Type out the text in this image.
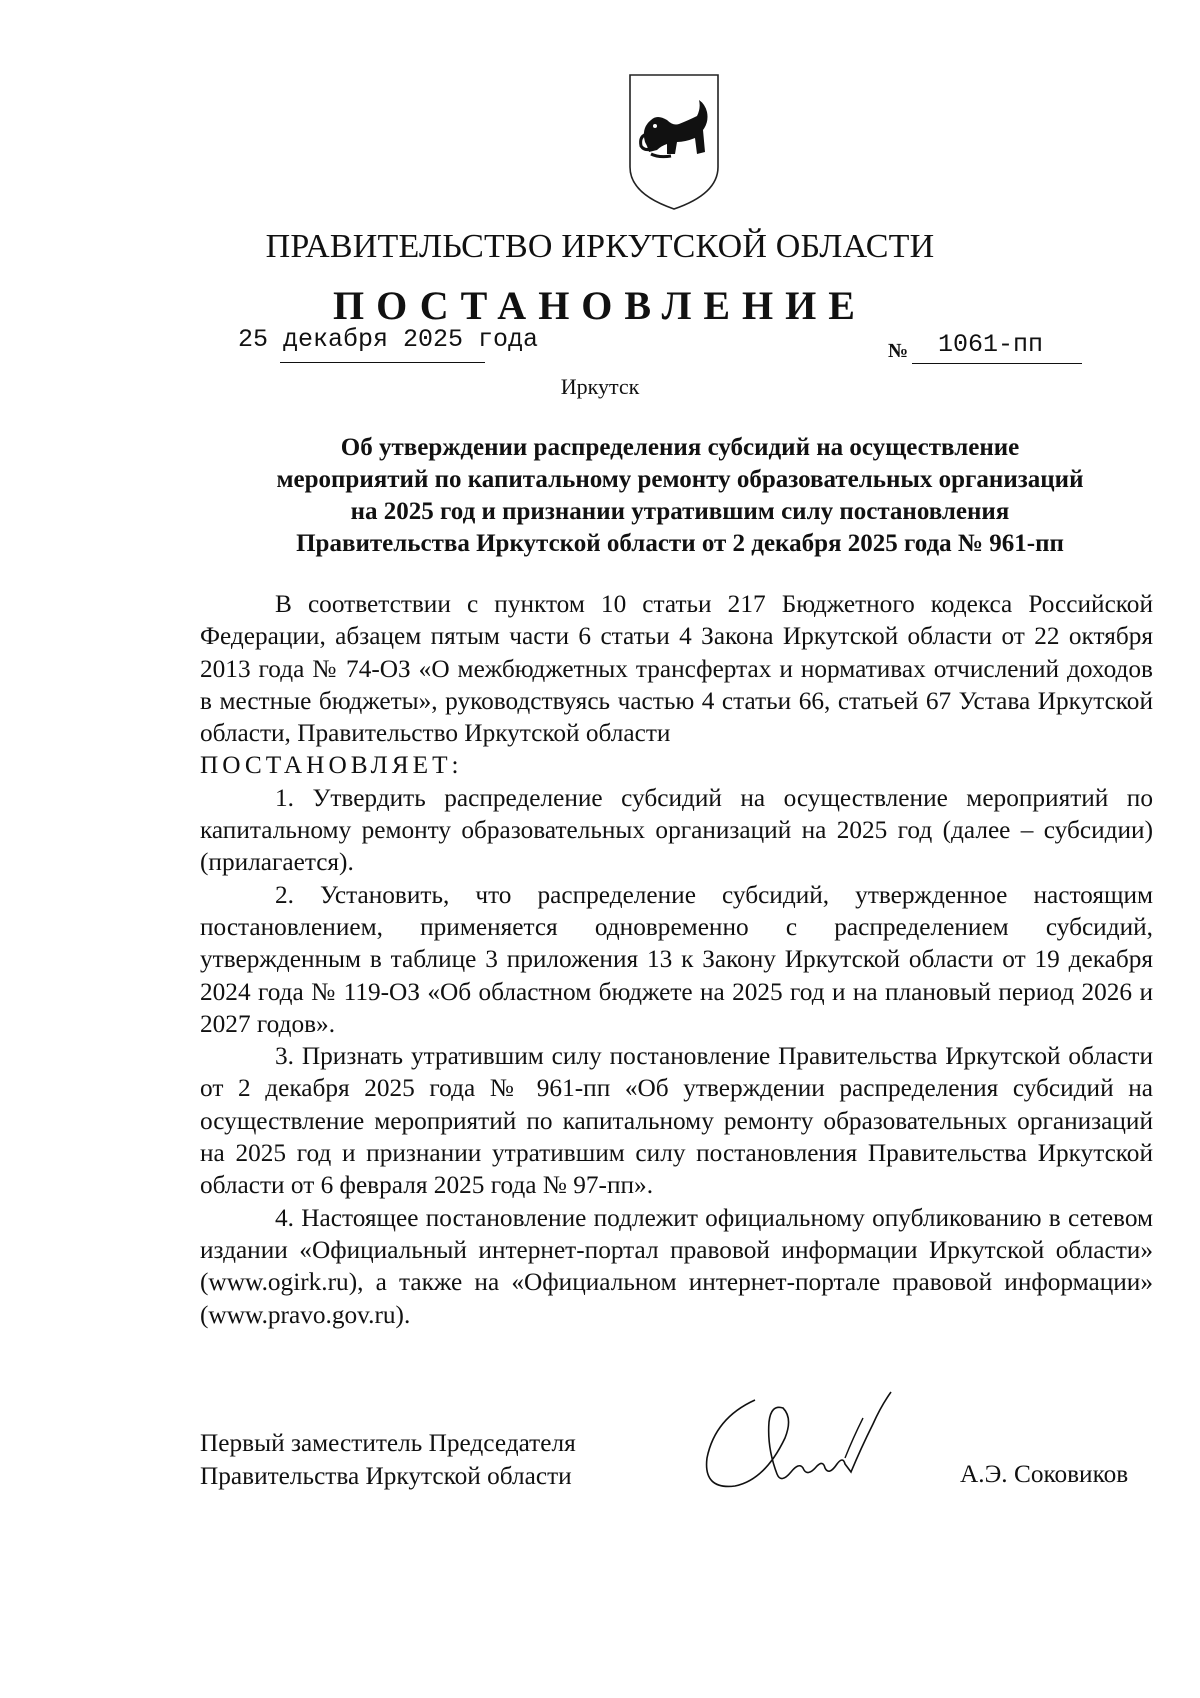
ПРАВИТЕЛЬСТВО ИРКУТСКОЙ ОБЛАСТИ
ПОСТАНОВЛЕНИЕ
25 декабря 2025 года	№ 1061-пп
Иркутск
Об утверждении распределения субсидий на осуществление
мероприятий по капитальному ремонту образовательных организаций
на 2025 год и признании утратившим силу постановления
Правительства Иркутской области от 2 декабря 2025 года № 961-пп

В соответствии с пунктом 10 статьи 217 Бюджетного кодекса Российской Федерации, абзацем пятым части 6 статьи 4 Закона Иркутской области от 22 октября 2013 года № 74-ОЗ «О межбюджетных трансфертах и нормативах отчислений доходов в местные бюджеты», руководствуясь частью 4 статьи 66, статьей 67 Устава Иркутской области, Правительство Иркутской области

ПОСТАНОВЛЯЕТ:

1. Утвердить распределение субсидий на осуществление мероприятий по капитальному ремонту образовательных организаций на 2025 год (далее – субсидии) (прилагается).

2. Установить, что распределение субсидий, утвержденное настоящим постановлением, применяется одновременно с распределением субсидий, утвержденным в таблице 3 приложения 13 к Закону Иркутской области от 19 декабря 2024 года № 119-ОЗ «Об областном бюджете на 2025 год и на плановый период 2026 и 2027 годов».

3. Признать утратившим силу постановление Правительства Иркутской области от 2 декабря 2025 года № 961-пп «Об утверждении распределения субсидий на осуществление мероприятий по капитальному ремонту образовательных организаций на 2025 год и признании утратившим силу постановления Правительства Иркутской области от 6 февраля 2025 года № 97-пп».

4. Настоящее постановление подлежит официальному опубликованию в сетевом издании «Официальный интернет-портал правовой информации Иркутской области» (www.ogirk.ru), а также на «Официальном интернет-портале правовой информации» (www.pravo.gov.ru).

Первый заместитель Председателя
Правительства Иркутской области	А.Э. Соковиков
